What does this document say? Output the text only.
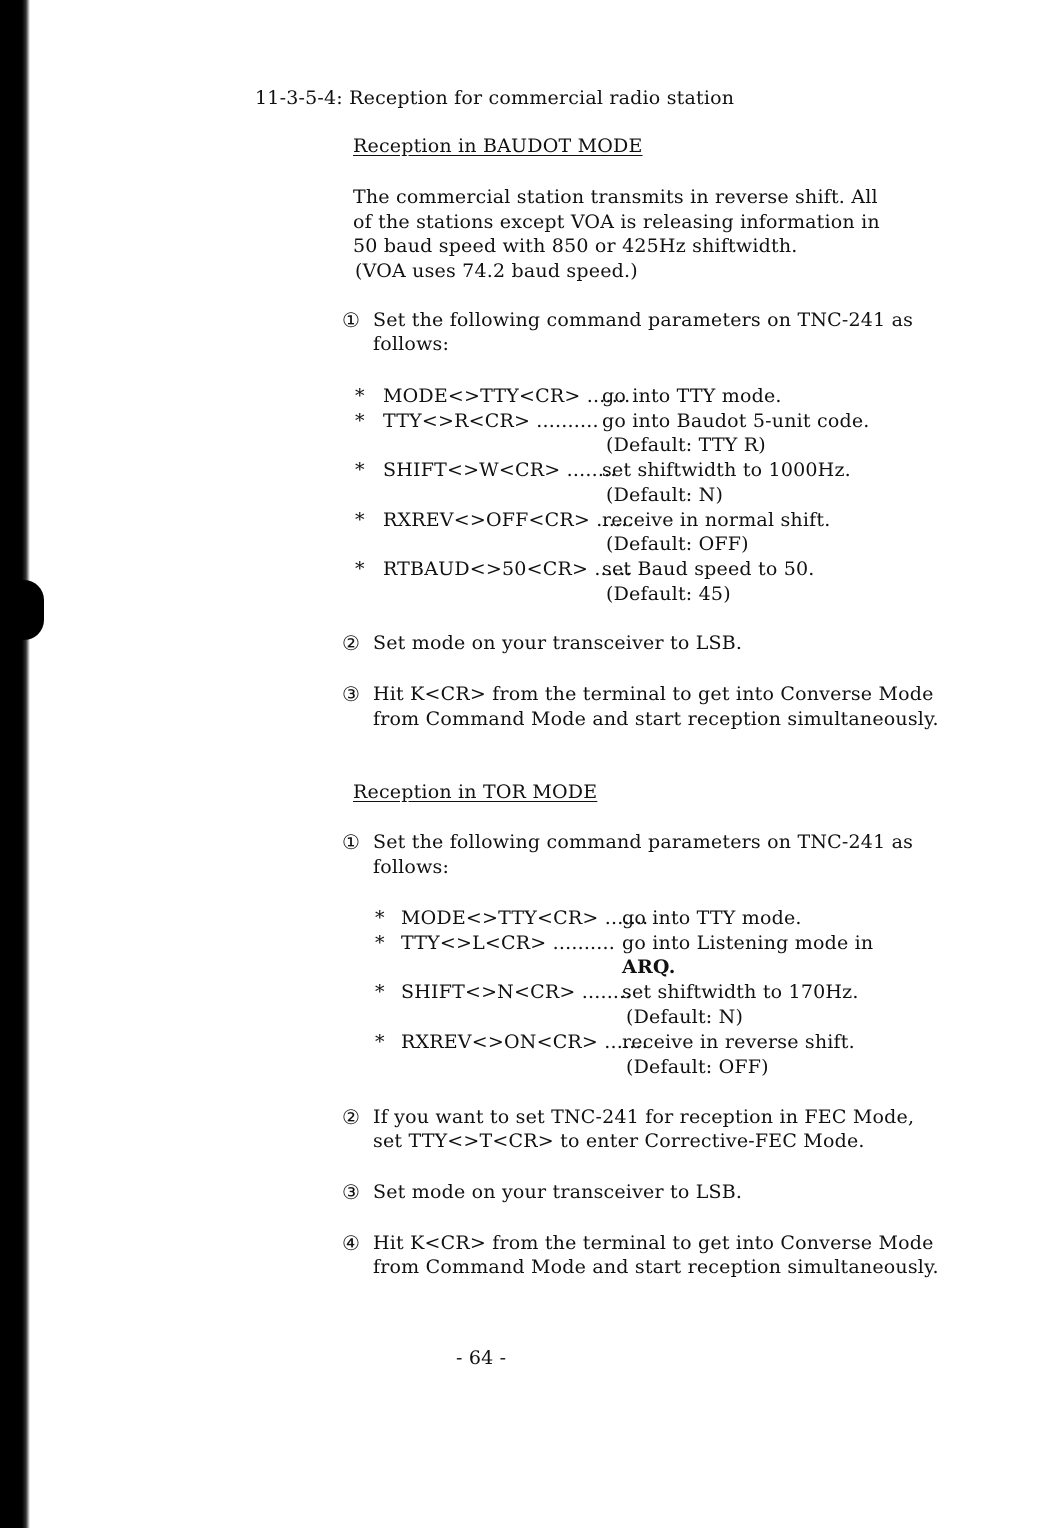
11-3-5-4: Reception for commercial radio station
Reception in BAUDOT MODE
The commercial station transmits in reverse shift. All
of the stations except VOA is releasing information in
50 baud speed with 850 or 425Hz shiftwidth.
(VOA uses 74.2 baud speed.)
① Set the following command parameters on TNC-241 as
follows:
* MODE<>TTY<CR> .......
go into TTY mode.
* TTY<>R<CR> .......... go into Baudot 5-unit code.
(Default: TTY R)
* SHIFT<>W<CR> ........
set shiftwidth to 1000Hz.
(Default: N)
* RXREV<>OFF<CR> ......
receive in normal shift.
(Default: OFF)
* RTBAUD<>50<CR> ......
set Baud speed to 50.
(Default: 45)
② Set mode on your transceiver to LSB.
③ Hit K<CR> from the terminal to get into Converse Mode
from Command Mode and start reception simultaneously.
Reception in TOR MODE
① Set the following command parameters on TNC-241 as
follows:
* MODE<>TTY<CR> .......
go into TTY mode.
* TTY<>L<CR> .......... go into Listening mode in
ARQ.
* SHIFT<>N<CR> ........
set shiftwidth to 170Hz.
(Default: N)
* RXREV<>ON<CR> .......
receive in reverse shift.
(Default: OFF)
② If you want to set TNC-241 for reception in FEC Mode,
set TTY<>T<CR> to enter Corrective-FEC Mode.
③ Set mode on your transceiver to LSB.
④ Hit K<CR> from the terminal to get into Converse Mode
from Command Mode and start reception simultaneously.
- 64 -
